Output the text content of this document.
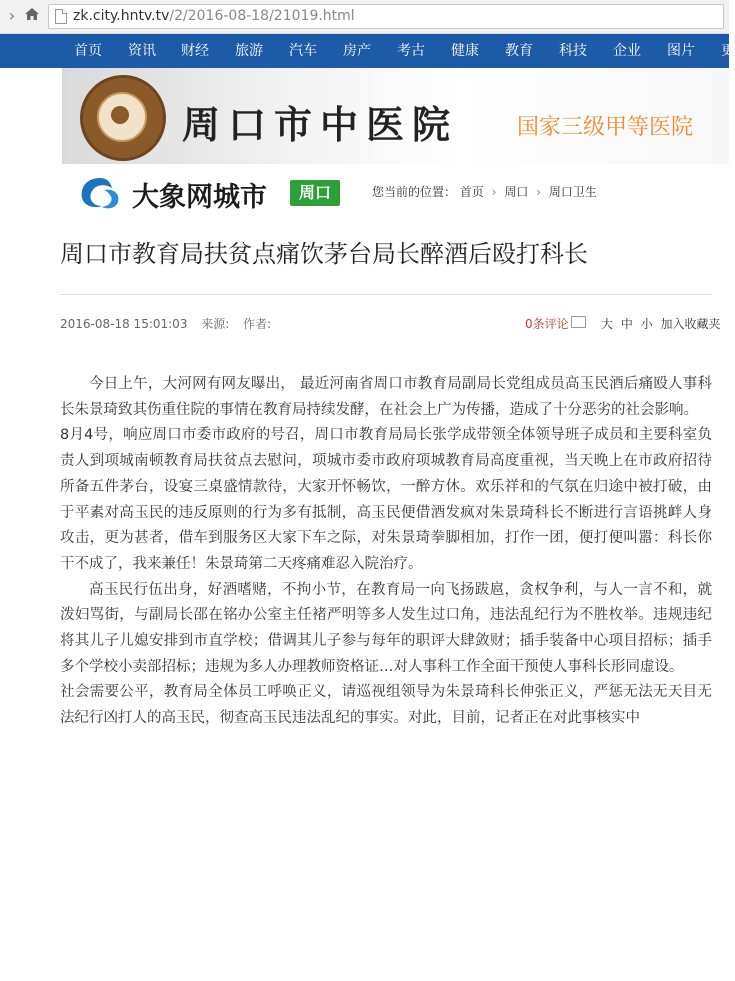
›	zk.city.hntv.tv/2/2016-08-18/21019.html
首页 资讯 财经 旅游 汽车 房产 考古 健康 教育 科技 企业 图片 更
周口市中医院	国家三级甲等医院
大象网城市	周口	您当前的位置： 首页 › 周口 › 周口卫生
周口市教育局扶贫点痛饮茅台局长醉酒后殴打科长
2016-08-18 15:01:03 来源: 作者:	0条评论	大 中 小 加入收藏夹

今日上午，大河网有网友曝出， 最近河南省周口市教育局副局长党组成员高玉民酒后痛殴人事科长朱景琦致其伤重住院的事情在教育局持续发酵，在社会上广为传播，造成了十分恶劣的社会影响。

8月4号，响应周口市委市政府的号召，周口市教育局局长张学成带领全体领导班子成员和主要科室负责人到项城南顿教育局扶贫点去慰问，项城市委市政府项城教育局高度重视，当天晚上在市政府招待所备五件茅台，设宴三桌盛情款待，大家开怀畅饮，一醉方休。欢乐祥和的气氛在归途中被打破，由于平素对高玉民的违反原则的行为多有抵制，高玉民便借酒发疯对朱景琦科长不断进行言语挑衅人身攻击，更为甚者，借车到服务区大家下车之际，对朱景琦拳脚相加，打作一团，便打便叫嚣：科长你干不成了，我来兼任！朱景琦第二天疼痛难忍入院治疗。

高玉民行伍出身，好酒嗜赌，不拘小节，在教育局一向飞扬跋扈，贪权争利，与人一言不和，就泼妇骂街，与副局长邵在铭办公室主任褚严明等多人发生过口角，违法乱纪行为不胜枚举。违规违纪将其儿子儿媳安排到市直学校；借调其儿子参与每年的职评大肆敛财；插手装备中心项目招标；插手多个学校小卖部招标；违规为多人办理教师资格证…对人事科工作全面干预使人事科长形同虚设。

社会需要公平，教育局全体员工呼唤正义，请巡视组领导为朱景琦科长伸张正义，严惩无法无天目无法纪行凶打人的高玉民，彻查高玉民违法乱纪的事实。对此，目前，记者正在对此事核实中
